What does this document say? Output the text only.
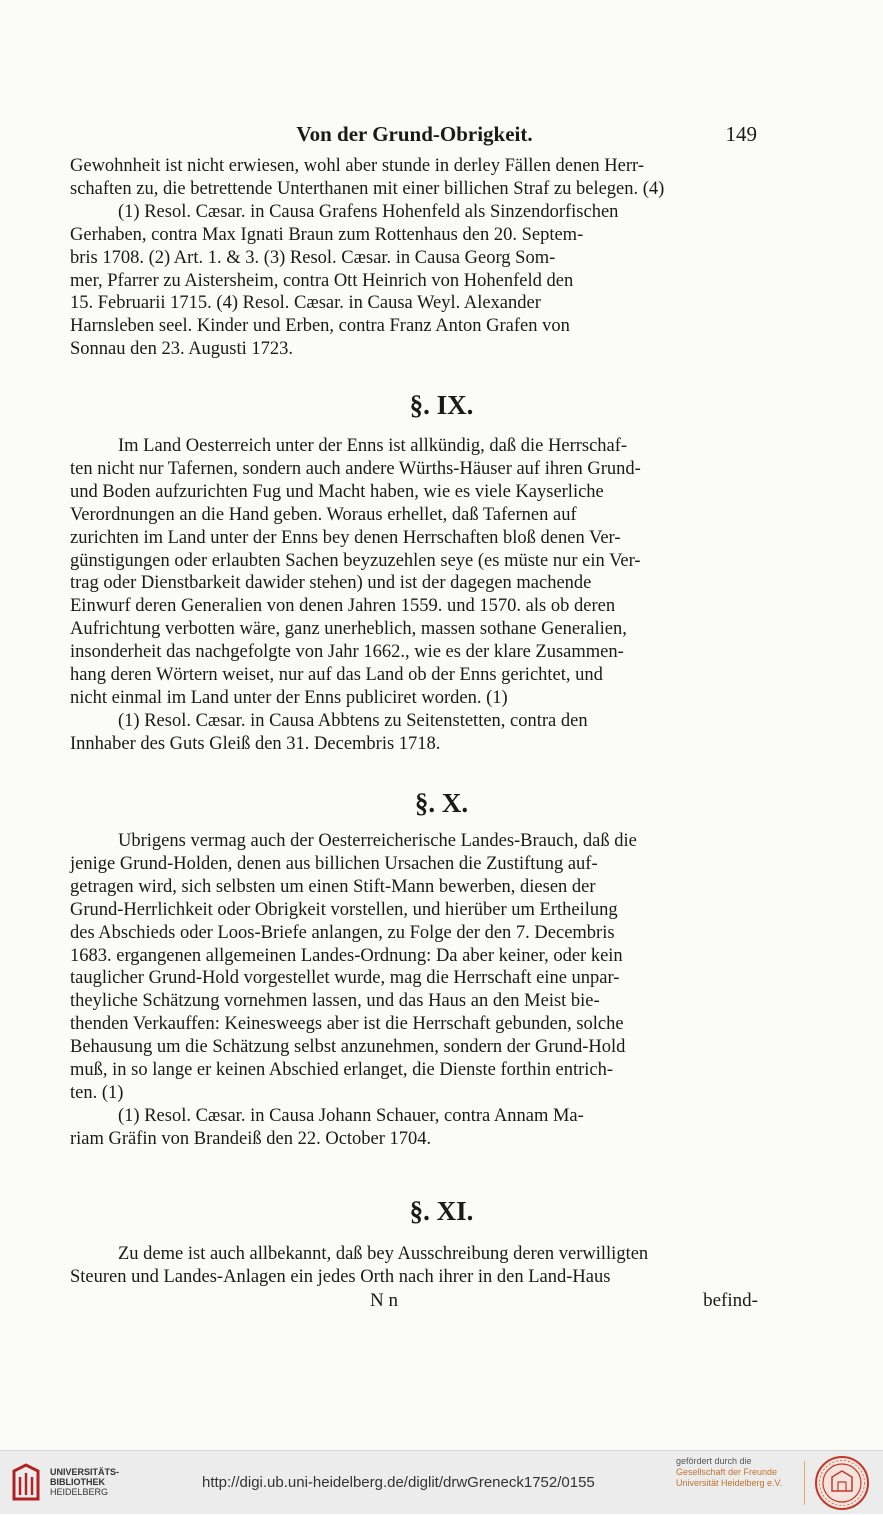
Von der Grund-Obrigkeit.	149

Gewohnheit ist nicht erwiesen, wohl aber stunde in derley Fällen denen Herr-

schaften zu, die betrettende Unterthanen mit einer billichen Straf zu belegen. (4)

(1) Resol. Cæsar. in Causa Grafens Hohenfeld als Sinzendorfischen

Gerhaben, contra Max Ignati Braun zum Rottenhaus den 20. Septem-

bris 1708. (2) Art. 1. & 3. (3) Resol. Cæsar. in Causa Georg Som-

mer, Pfarrer zu Aistersheim, contra Ott Heinrich von Hohenfeld den

15. Februarii 1715. (4) Resol. Cæsar. in Causa Weyl. Alexander

Harnsleben seel. Kinder und Erben, contra Franz Anton Grafen von

Sonnau den 23. Augusti 1723.

§. IX.

Im Land Oesterreich unter der Enns ist allkündig, daß die Herrschaf-

ten nicht nur Tafernen, sondern auch andere Würths-Häuser auf ihren Grund-

und Boden aufzurichten Fug und Macht haben, wie es viele Kayserliche

Verordnungen an die Hand geben. Woraus erhellet, daß Tafernen auf

zurichten im Land unter der Enns bey denen Herrschaften bloß denen Ver-

günstigungen oder erlaubten Sachen beyzuzehlen seye (es müste nur ein Ver-

trag oder Dienstbarkeit dawider stehen) und ist der dagegen machende

Einwurf deren Generalien von denen Jahren 1559. und 1570. als ob deren

Aufrichtung verbotten wäre, ganz unerheblich, massen sothane Generalien,

insonderheit das nachgefolgte von Jahr 1662., wie es der klare Zusammen-

hang deren Wörtern weiset, nur auf das Land ob der Enns gerichtet, und

nicht einmal im Land unter der Enns publiciret worden. (1)

(1) Resol. Cæsar. in Causa Abbtens zu Seitenstetten, contra den

Innhaber des Guts Gleiß den 31. Decembris 1718.

§. X.

Ubrigens vermag auch der Oesterreicherische Landes-Brauch, daß die

jenige Grund-Holden, denen aus billichen Ursachen die Zustiftung auf-

getragen wird, sich selbsten um einen Stift-Mann bewerben, diesen der

Grund-Herrlichkeit oder Obrigkeit vorstellen, und hierüber um Ertheilung

des Abschieds oder Loos-Briefe anlangen, zu Folge der den 7. Decembris

1683. ergangenen allgemeinen Landes-Ordnung: Da aber keiner, oder kein

tauglicher Grund-Hold vorgestellet wurde, mag die Herrschaft eine unpar-

theyliche Schätzung vornehmen lassen, und das Haus an den Meist bie-

thenden Verkauffen: Keinesweegs aber ist die Herrschaft gebunden, solche

Behausung um die Schätzung selbst anzunehmen, sondern der Grund-Hold

muß, in so lange er keinen Abschied erlanget, die Dienste forthin entrich-

ten. (1)

(1) Resol. Cæsar. in Causa Johann Schauer, contra Annam Ma-

riam Gräfin von Brandeiß den 22. October 1704.

§. XI.

Zu deme ist auch allbekannt, daß bey Ausschreibung deren verwilligten

Steuren und Landes-Anlagen ein jedes Orth nach ihrer in den Land-Haus

N n	befind-
UNIVERSITÄTS-
BIBLIOTHEK
HEIDELBERG
http://digi.ub.uni-heidelberg.de/diglit/drwGreneck1752/0155
gefördert durch die
Gesellschaft der Freunde
Universität Heidelberg e.V.
